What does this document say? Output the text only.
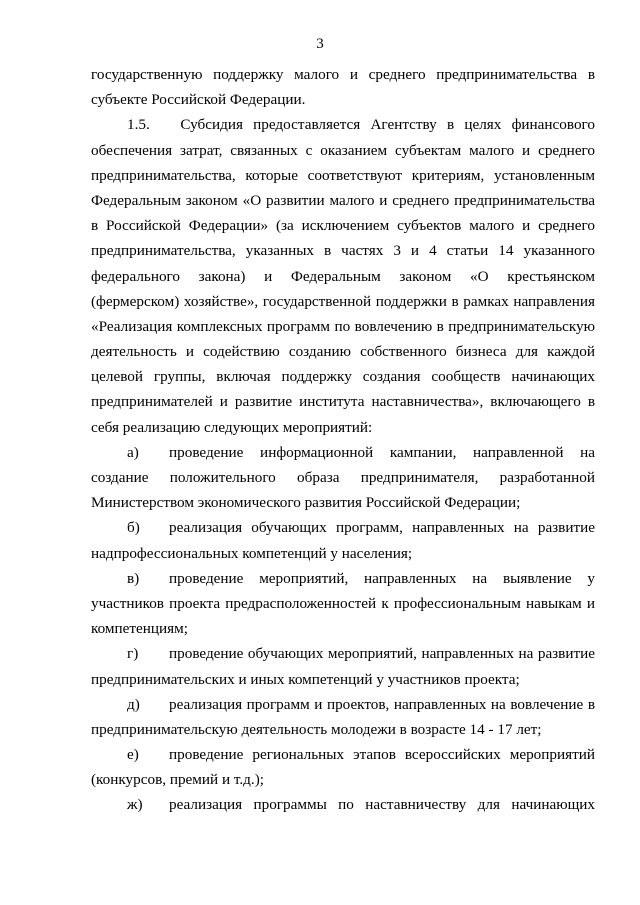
3
государственную поддержку малого и среднего предпринимательства в
субъекте Российской Федерации.
1.5.   Субсидия предоставляется Агентству в целях финансового
обеспечения затрат, связанных с оказанием субъектам малого и среднего
предпринимательства, которые соответствуют критериям, установленным
Федеральным законом «О развитии малого и среднего предпринимательства
в Российской Федерации» (за исключением субъектов малого и среднего
предпринимательства, указанных в частях 3 и 4 статьи 14 указанного
федерального закона) и Федеральным законом «О крестьянском
(фермерском) хозяйстве», государственной поддержки в рамках направления
«Реализация комплексных программ по вовлечению в предпринимательскую
деятельность и содействию созданию собственного бизнеса для каждой
целевой группы, включая поддержку создания сообществ начинающих
предпринимателей и развитие института наставничества», включающего в
себя реализацию следующих мероприятий:
а)	проведение информационной кампании, направленной на
создание положительного образа предпринимателя, разработанной
Министерством экономического развития Российской Федерации;
б)	реализация обучающих программ, направленных на развитие
надпрофессиональных компетенций у населения;
в)	проведение мероприятий, направленных на выявление у
участников проекта предрасположенностей к профессиональным навыкам и
компетенциям;
г)	проведение обучающих мероприятий, направленных на развитие
предпринимательских и иных компетенций у участников проекта;
д)	реализация программ и проектов, направленных на вовлечение в
предпринимательскую деятельность молодежи в возрасте 14 - 17 лет;
е)	проведение региональных этапов всероссийских мероприятий
(конкурсов, премий и т.д.);
ж)	реализация программы по наставничеству для начинающих
